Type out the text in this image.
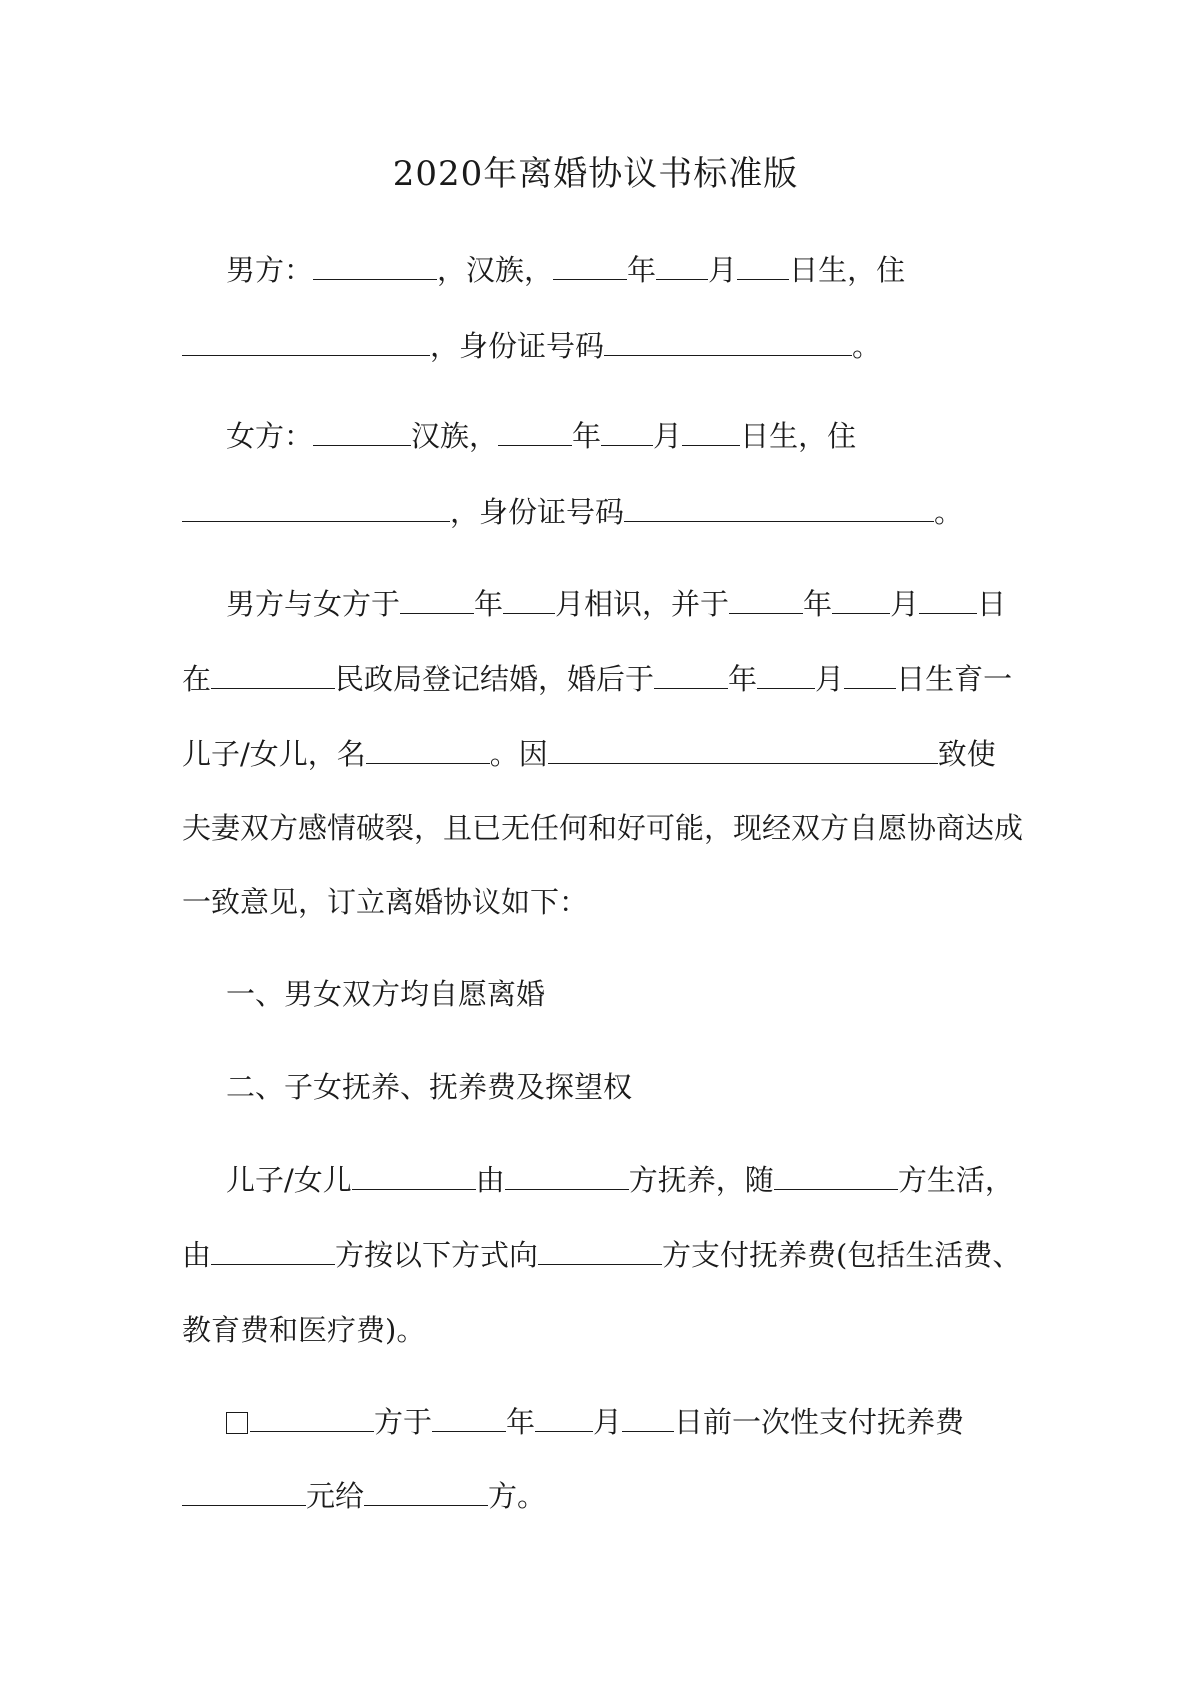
2020年离婚协议书标准版
男方：	，汉族，	年 月 日生，住
，身份证号码	。
女方：	汉族，	年 月 日生，住
，身份证号码	。
男方与女方于	年 月相识，并于	年 月 日
在	民政局登记结婚，婚后于	年 月 日生育一
儿子/女儿，名	。因	致使
夫妻双方感情破裂，且已无任何和好可能，现经双方自愿协商达成
一致意见，订立离婚协议如下：
一、男女双方均自愿离婚
二、子女抚养、抚养费及探望权
儿子/女儿	由	方抚养，随	方生活，
由	方按以下方式向	方支付抚养费(包括生活费、
教育费和医疗费)。
方于	年 月 日前一次性支付抚养费
元给	方。
